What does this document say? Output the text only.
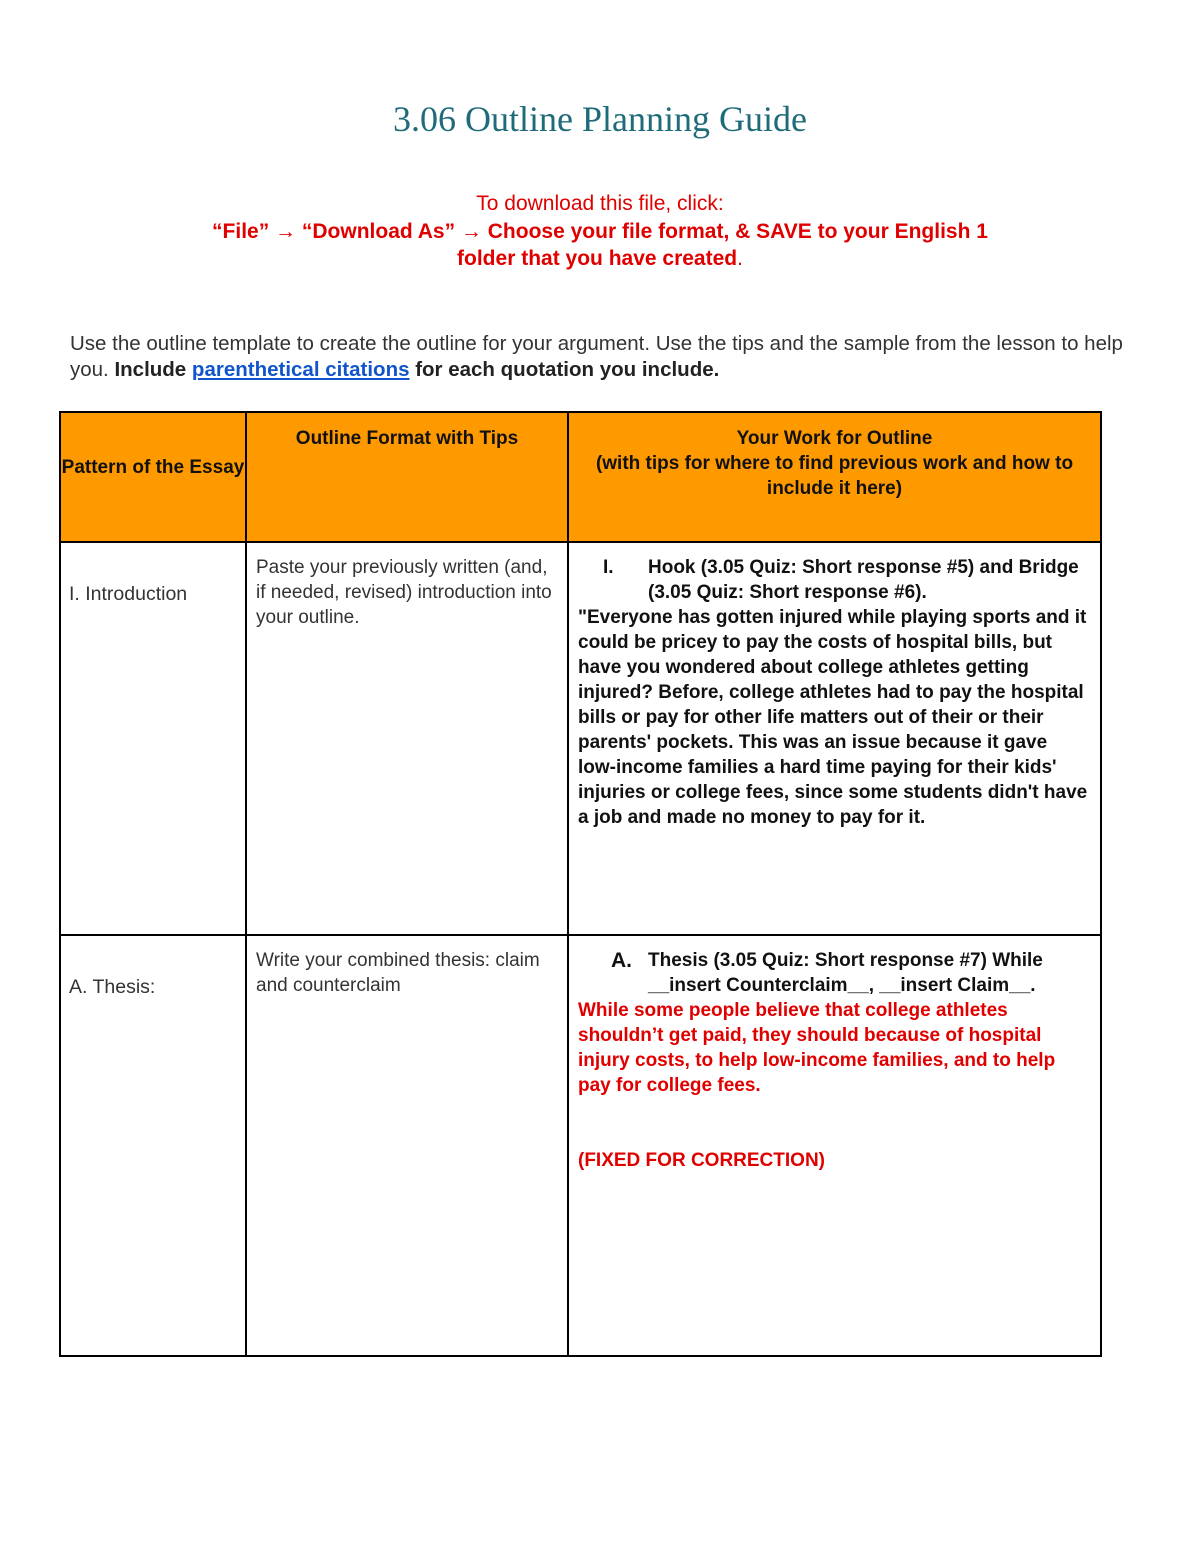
3.06 Outline Planning Guide
To download this file, click:
“File” → “Download As” → Choose your file format, & SAVE to your English 1
folder that you have created.
Use the outline template to create the outline for your argument. Use the tips and the sample from the lesson to help you. Include parenthetical citations for each quotation you include.
Pattern of the Essay	Outline Format with Tips	Your Work for Outline
(with tips for where to find previous work and how to include it here)

I. Introduction	Paste your previously written (and, if needed, revised) introduction into your outline.	I. Hook (3.05 Quiz: Short response #5) and Bridge (3.05 Quiz: Short response #6).
"Everyone has gotten injured while playing sports and it could be pricey to pay the costs of hospital bills, but have you wondered about college athletes getting injured? Before, college athletes had to pay the hospital bills or pay for other life matters out of their or their parents' pockets. This was an issue because it gave low-income families a hard time paying for their kids' injuries or college fees, since some students didn't have a job and made no money to pay for it.

A. Thesis:	Write your combined thesis: claim and counterclaim	A. Thesis (3.05 Quiz: Short response #7) While __insert Counterclaim__, __insert Claim__.
While some people believe that college athletes shouldn’t get paid, they should because of hospital injury costs, to help low-income families, and to help pay for college fees.
(FIXED FOR CORRECTION)
